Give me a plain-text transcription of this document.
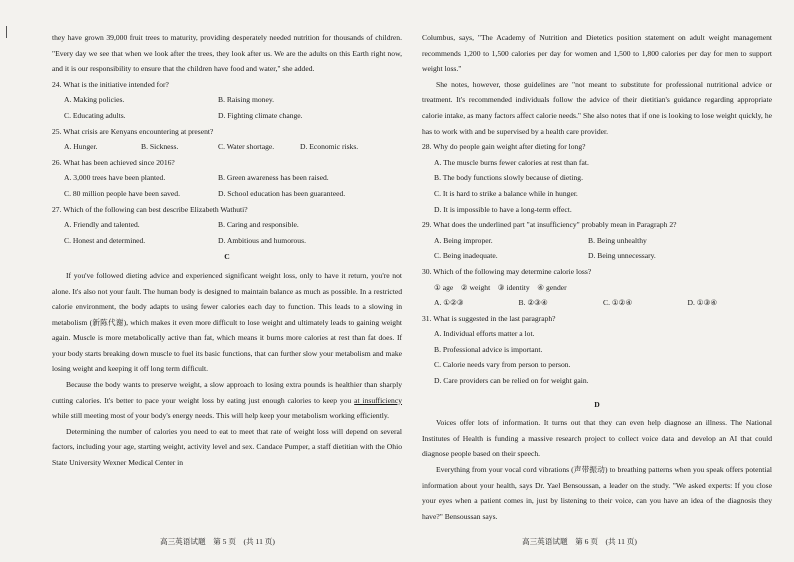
they have grown 39,000 fruit trees to maturity, providing desperately needed nutrition for thousands of children. "Every day we see that when we look after the trees, they look after us. We are the adults on this Earth right now, and it is our responsibility to ensure that the children have food and water," she added.

24. What is the initiative intended for?

A. Making policies.	B. Raising money.
C. Educating adults.	D. Fighting climate change.

25. What crisis are Kenyans encountering at present?

A. Hunger.	B. Sickness.	C. Water shortage.	D. Economic risks.

26. What has been achieved since 2016?

A. 3,000 trees have been planted.	B. Green awareness has been raised.
C. 80 million people have been saved.	D. School education has been guaranteed.

27. Which of the following can best describe Elizabeth Wathuti?

A. Friendly and talented.	B. Caring and responsible.
C. Honest and determined.	D. Ambitious and humorous.
C

If you've followed dieting advice and experienced significant weight loss, only to have it return, you're not alone. It's also not your fault. The human body is designed to maintain balance as much as possible. In a restricted calorie environment, the body adapts to using fewer calories each day to function. This leads to a slowing in metabolism (新陈代谢), which makes it even more difficult to lose weight and ultimately leads to gaining weight again. Muscle is more metabolically active than fat, which means it burns more calories at rest than fat does. If your body starts breaking down muscle to fuel its basic functions, that can further slow your metabolism and make losing weight and keeping it off long term difficult.

Because the body wants to preserve weight, a slow approach to losing extra pounds is healthier than sharply cutting calories. It's better to pace your weight loss by eating just enough calories to keep you at insufficiency while still meeting most of your body's energy needs. This will help keep your metabolism working efficiently.

Determining the number of calories you need to eat to meet that rate of weight loss will depend on several factors, including your age, starting weight, activity level and sex. Candace Pumper, a staff dietitian with the Ohio State University Wexner Medical Center in

高三英语试题　第 5 页　(共 11 页)

Columbus, says, "The Academy of Nutrition and Dietetics position statement on adult weight management recommends 1,200 to 1,500 calories per day for women and 1,500 to 1,800 calories per day for men to support weight loss."

She notes, however, those guidelines are "not meant to substitute for professional nutritional advice or treatment. It's recommended individuals follow the advice of their dietitian's guidance regarding appropriate calorie intake, as many factors affect calorie needs." She also notes that if one is looking to lose weight quickly, he has to work with and be supervised by a health care provider.

28. Why do people gain weight after dieting for long?

A. The muscle burns fewer calories at rest than fat.
B. The body functions slowly because of dieting.
C. It is hard to strike a balance while in hunger.
D. It is impossible to have a long-term effect.

29. What does the underlined part "at insufficiency" probably mean in Paragraph 2?

A. Being improper.	B. Being unhealthy
C. Being inadequate.	D. Being unnecessary.

30. Which of the following may determine calorie loss?

① age　② weight　③ identity　④ gender
A. ①②③	B. ②③④	C. ①②④	D. ①③④

31. What is suggested in the last paragraph?

A. Individual efforts matter a lot.
B. Professional advice is important.
C. Calorie needs vary from person to person.
D. Care providers can be relied on for weight gain.
D

Voices offer lots of information. It turns out that they can even help diagnose an illness. The National Institutes of Health is funding a massive research project to collect voice data and develop an AI that could diagnose people based on their speech.

Everything from your vocal cord vibrations (声带振动) to breathing patterns when you speak offers potential information about your health, says Dr. Yael Bensoussan, a leader on the study. "We asked experts: If you close your eyes when a patient comes in, just by listening to their voice, can you have an idea of the diagnosis they have?" Bensoussan says.

高三英语试题　第 6 页　(共 11 页)
